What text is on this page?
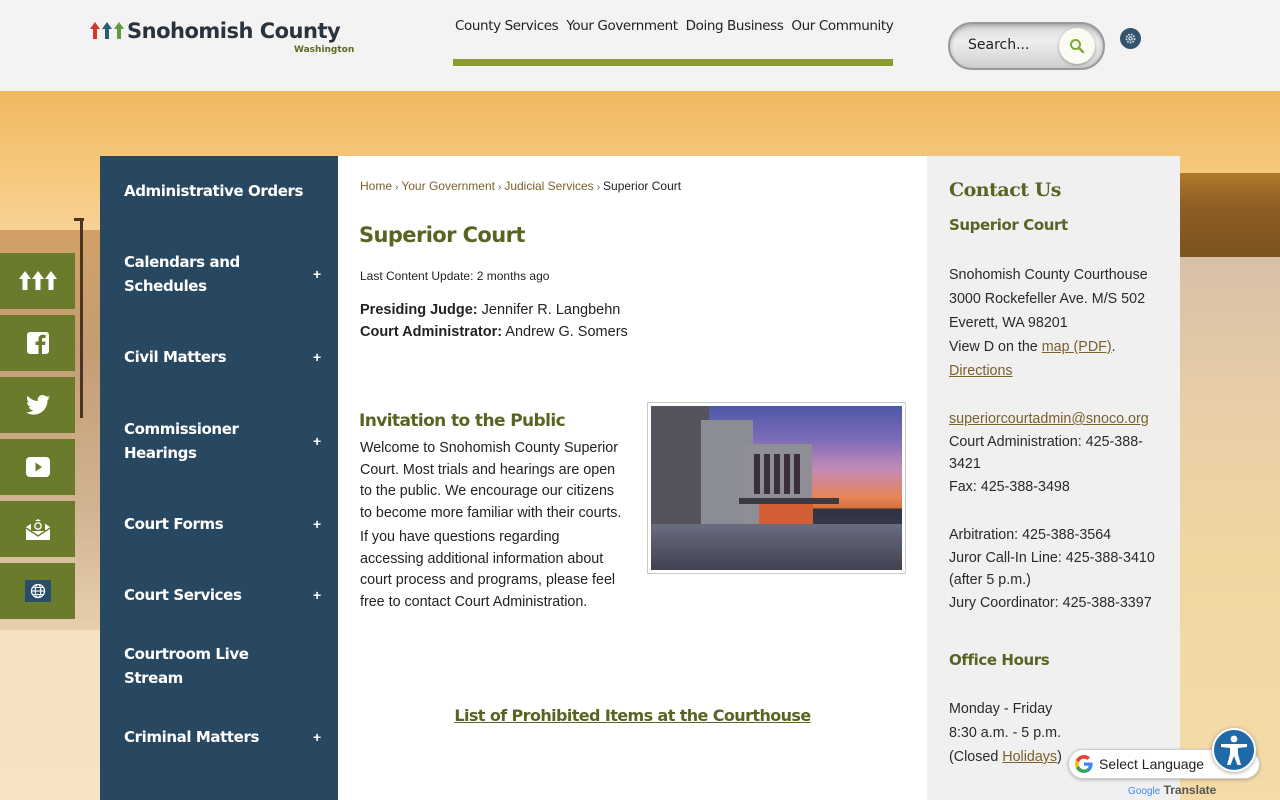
Snohomish County
Washington
County Services Your Government Doing Business Our Community
Search...
Administrative Orders
Calendars and Schedules
+
Civil Matters	+
Commissioner Hearings
+
Court Forms	+
Court Services	+
Courtroom Live Stream
Criminal Matters	+
Home › Your Government › Judicial Services › Superior Court
Superior Court
Last Content Update: 2 months ago
Presiding Judge: Jennifer R. Langbehn
Court Administrator: Andrew G. Somers
Invitation to the Public

Welcome to Snohomish County Superior Court. Most trials and hearings are open to the public. We encourage our citizens to become more familiar with their courts.

If you have questions regarding accessing additional information about court process and programs, please feel free to contact Court Administration.

List of Prohibited Items at the Courthouse
Contact Us
Superior Court
Snohomish County Courthouse
3000 Rockefeller Ave. M/S 502
Everett, WA 98201
View D on the map (PDF).
Directions
superiorcourtadmin@snoco.org
Court Administration: 425-388-3421
Fax: 425-388-3498
Arbitration: 425-388-3564
Juror Call-In Line: 425-388-3410 (after 5 p.m.)
Jury Coordinator: 425-388-3397
Office Hours
Monday - Friday
8:30 a.m. - 5 p.m.
(Closed Holidays)	Select Language
Google Translate
